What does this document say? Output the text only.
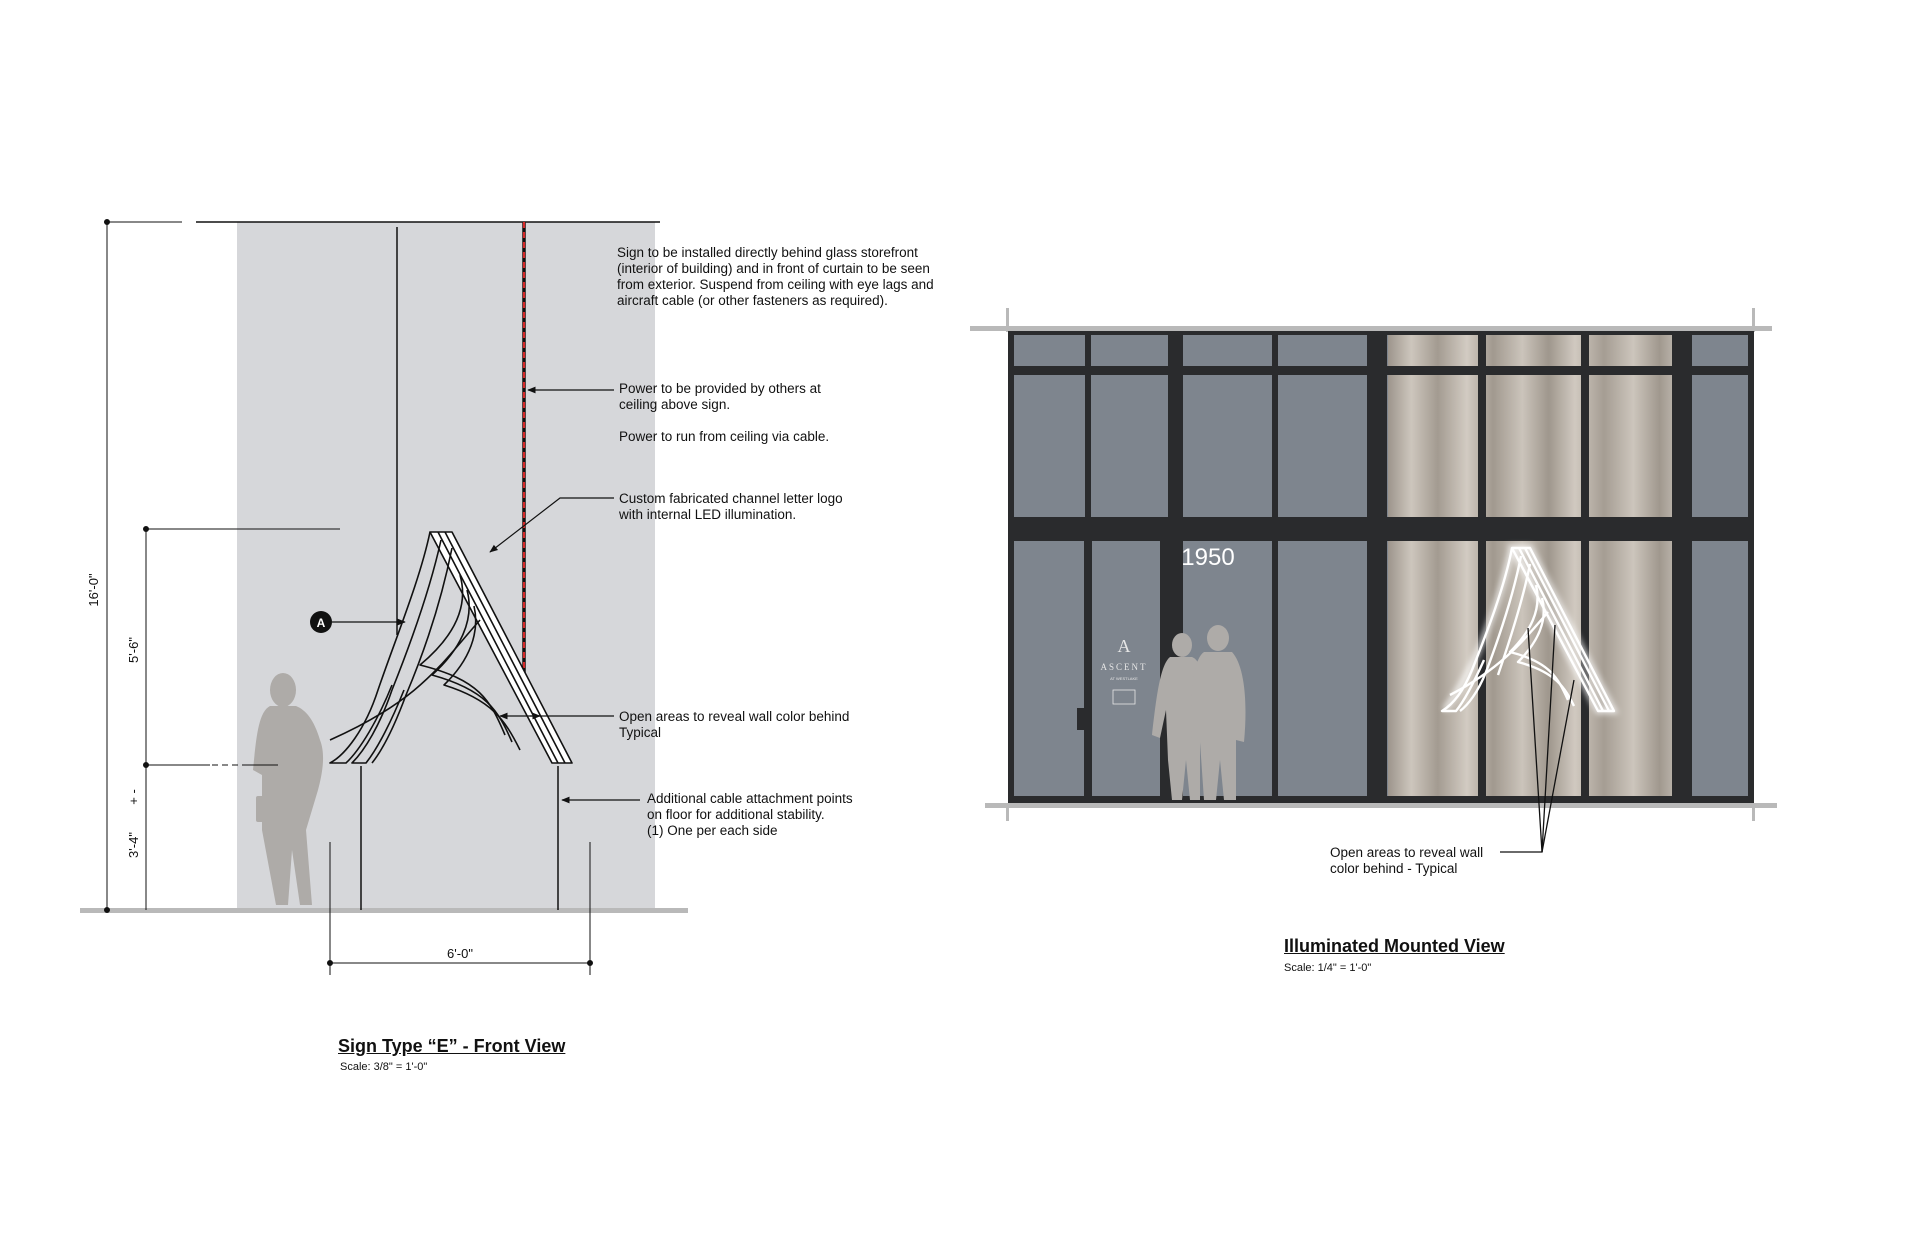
16'-0"
5'-6"
3'-4"
+ -
6'-0"
A
1950
A
ASCENT
AT WESTLAKE
Sign to be installed directly behind glass storefront
(interior of building) and in front of curtain to be seen
from exterior. Suspend from ceiling with eye lags and
aircraft cable (or other fasteners as required).
Power to be provided by others at
ceiling above sign.
Power to run from ceiling via cable.
Custom fabricated channel letter logo
with internal LED illumination.
Open areas to reveal wall color behind
Typical
Additional cable attachment points
on floor for additional stability.
(1) One per each side
Sign Type “E” - Front View
Scale: 3/8" = 1'-0"
Open areas to reveal wall
color behind - Typical
Illuminated Mounted View
Scale: 1/4" = 1'-0"
